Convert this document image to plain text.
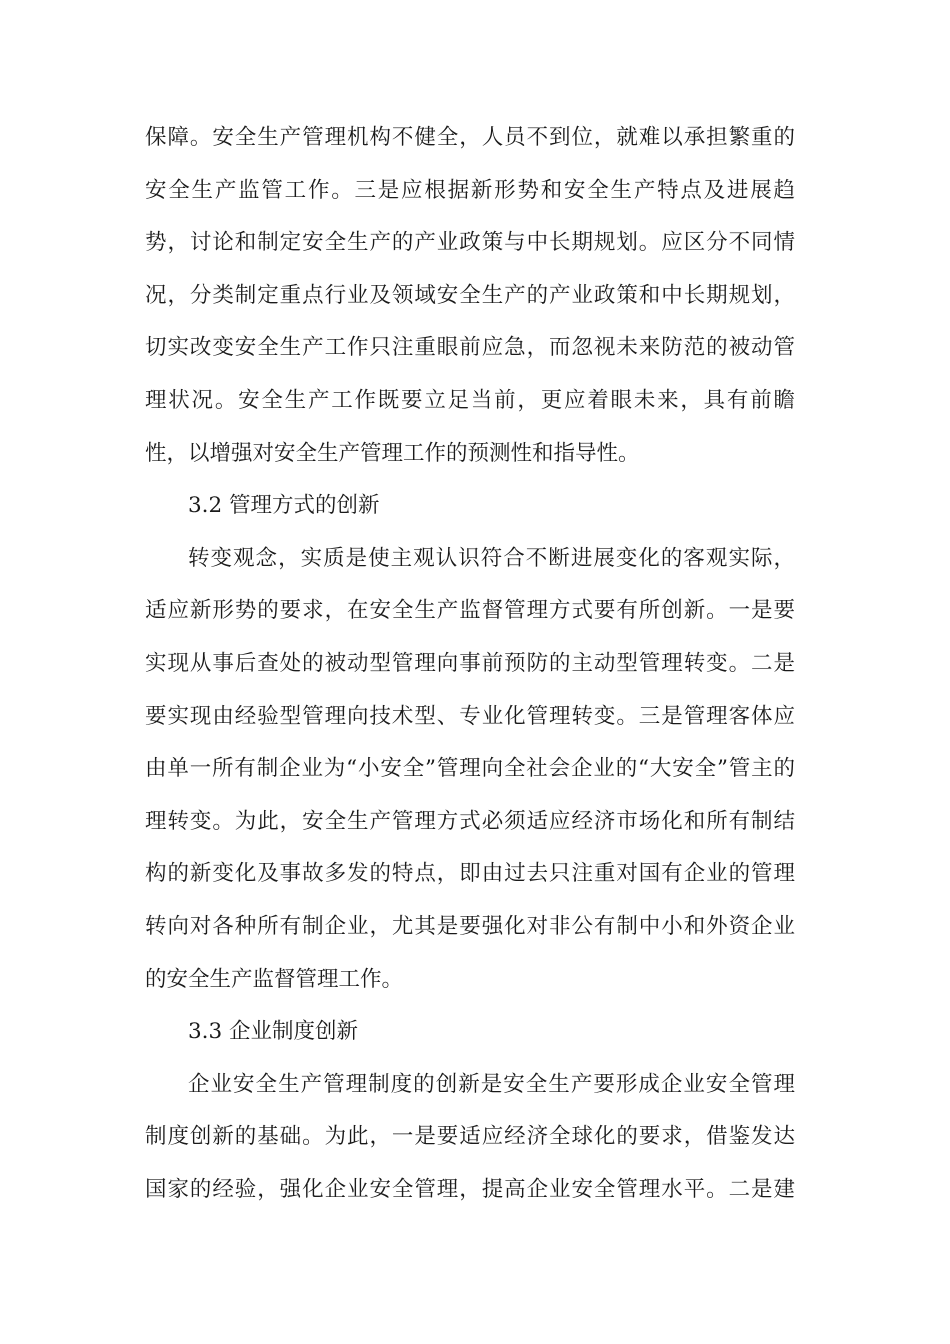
保障。安全生产管理机构不健全，人员不到位，就难以承担繁重的
安全生产监管工作。三是应根据新形势和安全生产特点及进展趋
势，讨论和制定安全生产的产业政策与中长期规划。应区分不同情
况，分类制定重点行业及领域安全生产的产业政策和中长期规划，
切实改变安全生产工作只注重眼前应急，而忽视未来防范的被动管
理状况。安全生产工作既要立足当前，更应着眼未来，具有前瞻
性，以增强对安全生产管理工作的预测性和指导性。
3.2 管理方式的创新
转变观念，实质是使主观认识符合不断进展变化的客观实际，
适应新形势的要求，在安全生产监督管理方式要有所创新。一是要
实现从事后查处的被动型管理向事前预防的主动型管理转变。二是
要实现由经验型管理向技术型、专业化管理转变。三是管理客体应
由单一所有制企业为“小安全”管理向全社会企业的“大安全”管主的
理转变。为此，安全生产管理方式必须适应经济市场化和所有制结
构的新变化及事故多发的特点，即由过去只注重对国有企业的管理
转向对各种所有制企业，尤其是要强化对非公有制中小和外资企业
的安全生产监督管理工作。
3.3 企业制度创新
企业安全生产管理制度的创新是安全生产要形成企业安全管理
制度创新的基础。为此，一是要适应经济全球化的要求，借鉴发达
国家的经验，强化企业安全管理，提高企业安全管理水平。二是建
